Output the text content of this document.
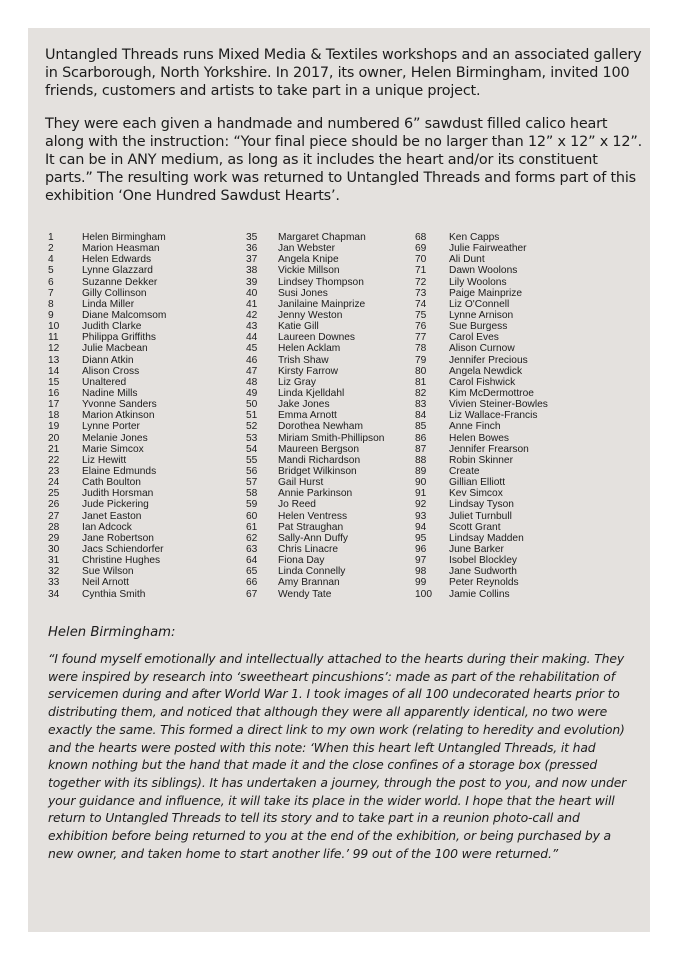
Untangled Threads runs Mixed Media & Textiles workshops and an associated gallery in Scarborough, North Yorkshire. In 2017, its owner, Helen Birmingham, invited 100 friends, customers and artists to take part in a unique project.

They were each given a handmade and numbered 6” sawdust filled calico heart along with the instruction: “Your final piece should be no larger than 12” x 12” x 12”. It can be in ANY medium, as long as it includes the heart and/or its constituent parts.” The resulting work was returned to Untangled Threads and forms part of this exhibition ‘One Hundred Sawdust Hearts’.

1	Helen Birmingham
2	Marion Heasman
4	Helen Edwards
5	Lynne Glazzard
6	Suzanne Dekker
7	Gilly Collinson
8	Linda Miller
9	Diane Malcomsom
10	Judith Clarke
11	Philippa Griffiths
12	Julie Macbean
13	Diann Atkin
14	Alison Cross
15	Unaltered
16	Nadine Mills
17	Yvonne Sanders
18	Marion Atkinson
19	Lynne Porter
20	Melanie Jones
21	Marie Simcox
22	Liz Hewitt
23	Elaine Edmunds
24	Cath Boulton
25	Judith Horsman
26	Jude Pickering
27	Janet Easton
28	Ian Adcock
29	Jane Robertson
30	Jacs Schiendorfer
31	Christine Hughes
32	Sue Wilson
33	Neil Arnott
34	Cynthia Smith
35	Margaret Chapman
36	Jan Webster
37	Angela Knipe
38	Vickie Millson
39	Lindsey Thompson
40	Susi Jones
41	Janilaine Mainprize
42	Jenny Weston
43	Katie Gill
44	Laureen Downes
45	Helen Acklam
46	Trish Shaw
47	Kirsty Farrow
48	Liz Gray
49	Linda Kjelldahl
50	Jake Jones
51	Emma Arnott
52	Dorothea Newham
53	Miriam Smith-Phillipson
54	Maureen Bergson
55	Mandi Richardson
56	Bridget Wilkinson
57	Gail Hurst
58	Annie Parkinson
59	Jo Reed
60	Helen Ventress
61	Pat Straughan
62	Sally-Ann Duffy
63	Chris Linacre
64	Fiona Day
65	Linda Connelly
66	Amy Brannan
67	Wendy Tate
68	Ken Capps
69	Julie Fairweather
70	Ali Dunt
71	Dawn Woolons
72	Lily Woolons
73	Paige Mainprize
74	Liz O'Connell
75	Lynne Arnison
76	Sue Burgess
77	Carol Eves
78	Alison Curnow
79	Jennifer Precious
80	Angela Newdick
81	Carol Fishwick
82	Kim McDermottroe
83	Vivien Steiner-Bowles
84	Liz Wallace-Francis
85	Anne Finch
86	Helen Bowes
87	Jennifer Frearson
88	Robin Skinner
89	Create
90	Gillian Elliott
91	Kev Simcox
92	Lindsay Tyson
93	Juliet Turnbull
94	Scott Grant
95	Lindsay Madden
96	June Barker
97	Isobel Blockley
98	Jane Sudworth
99	Peter Reynolds
100	Jamie Collins

Helen Birmingham:

“I found myself emotionally and intellectually attached to the hearts during their making. They were inspired by research into ‘sweetheart pincushions’: made as part of the rehabilitation of servicemen during and after World War 1. I took images of all 100 undecorated hearts prior to distributing them, and noticed that although they were all apparently identical, no two were exactly the same. This formed a direct link to my own work (relating to heredity and evolution) and the hearts were posted with this note: ‘When this heart left Untangled Threads, it had known nothing but the hand that made it and the close confines of a storage box (pressed together with its siblings). It has undertaken a journey, through the post to you, and now under your guidance and influence, it will take its place in the wider world. I hope that the heart will return to Untangled Threads to tell its story and to take part in a reunion photo-call and exhibition before being returned to you at the end of the exhibition, or being purchased by a new owner, and taken home to start another life.’ 99 out of the 100 were returned.”
